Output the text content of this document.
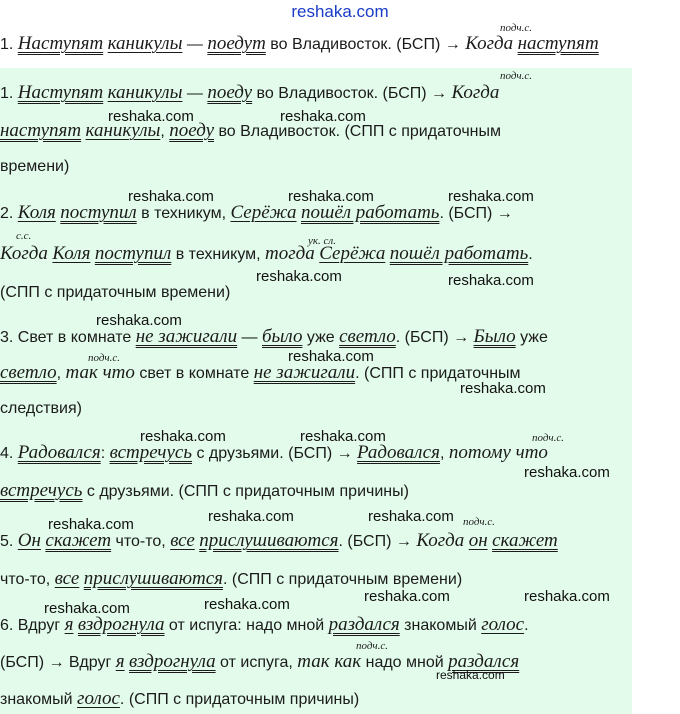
reshaka.com
подч.с.
1. Наступят каникулы — поедут во Владивосток. (БСП) → Когда наступят
подч.с.
1. Наступят каникулы — поеду во Владивосток. (БСП) → Когда
наступят каникулы, поеду во Владивосток. (СПП с придаточным
времени)
2. Коля поступил в техникум, Серёжа пошёл работать. (БСП) →
с.с.	ук. сл.
Когда Коля поступил в техникум, тогда Серёжа пошёл работать.
(СПП с придаточным времени)
3. Свет в комнате не зажигали — было уже светло. (БСП) → Было уже
подч.с.
светло, так что свет в комнате не зажигали. (СПП с придаточным
следствия)
подч.с.
4. Радовался: встречусь с друзьями. (БСП) → Радовался, потому что
встречусь с друзьями. (СПП с придаточным причины)
подч.с.
5. Он скажет что-то, все прислушиваются. (БСП) → Когда он скажет
что-то, все прислушиваются. (СПП с придаточным времени)
6. Вдруг я вздрогнула от испуга: надо мной раздался знакомый голос.
подч.с.
(БСП) → Вдруг я вздрогнула от испуга, так как надо мной раздался
знакомый голос. (СПП с придаточным причины)
reshaka.com	reshaka.com
reshaka.com	reshaka.com	reshaka.com
reshaka.com	reshaka.com
reshaka.com
reshaka.com
reshaka.com
reshaka.com	reshaka.com
reshaka.com
reshaka.com	reshaka.com	reshaka.com
reshaka.com	reshaka.com
reshaka.com	reshaka.com
reshaka.com
